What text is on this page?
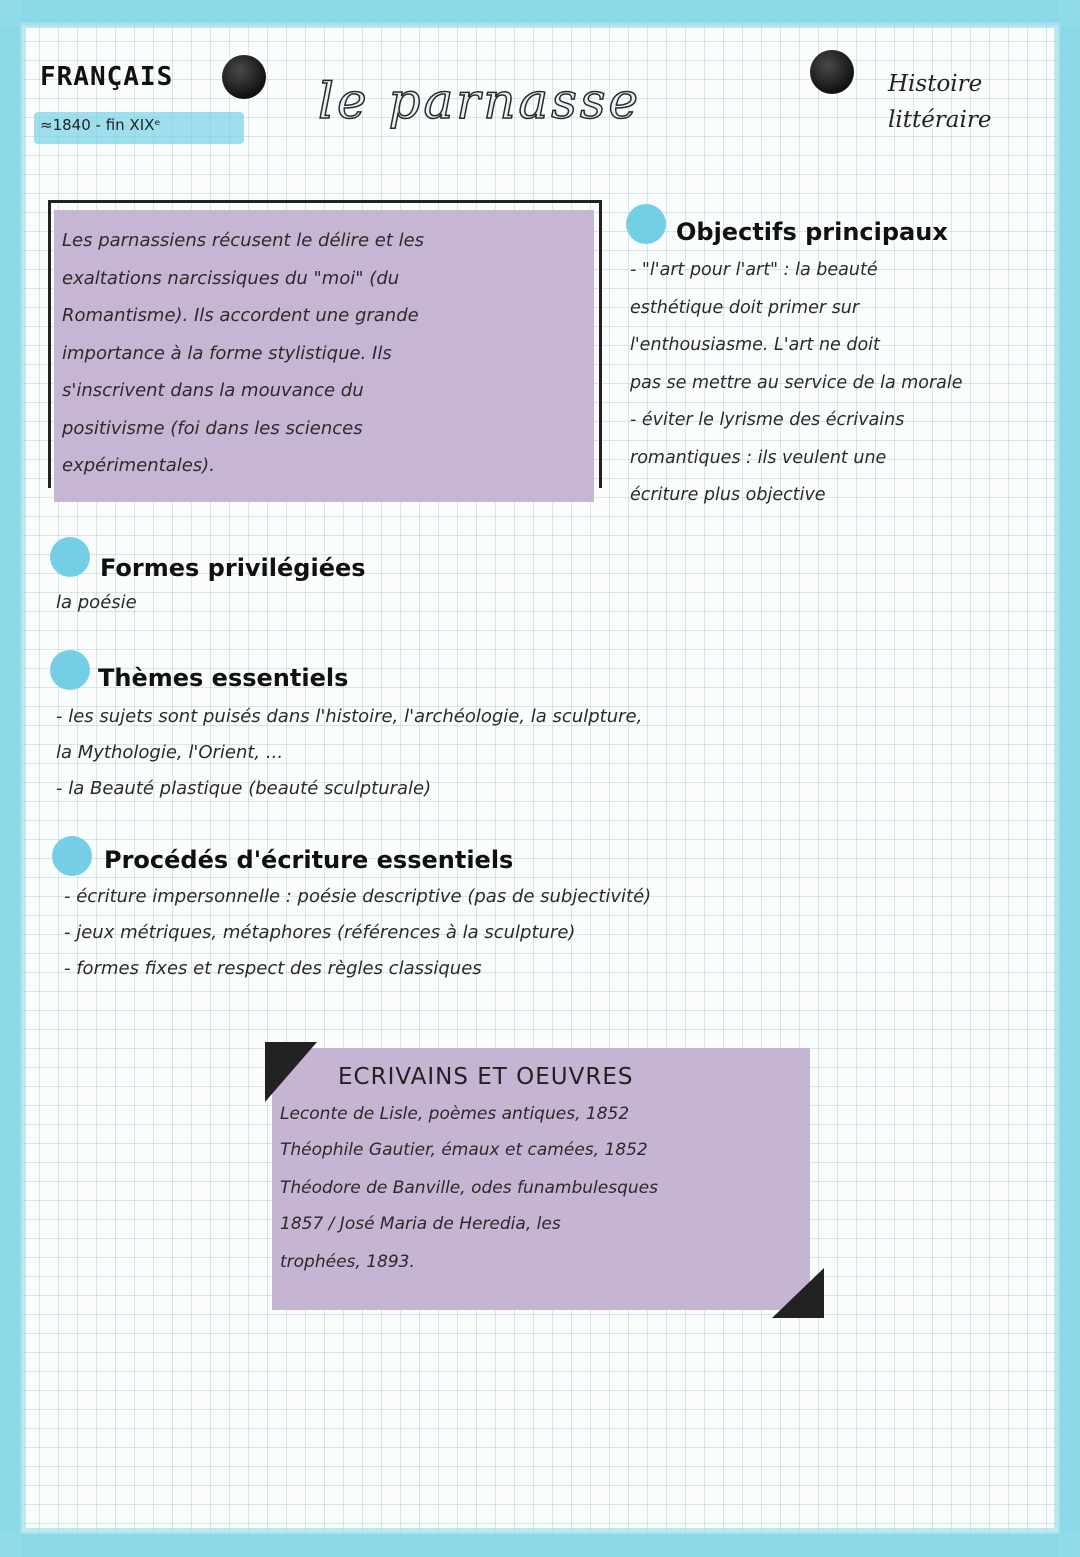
FRANÇAIS
≈1840 - fin XIXᵉ	le parnasse	Histoire
littéraire
Les parnassiens récusent le délire et les
exaltations narcissiques du "moi" (du
Romantisme). Ils accordent une grande
importance à la forme stylistique. Ils
s'inscrivent dans la mouvance du
positivisme (foi dans les sciences
expérimentales).
Objectifs principaux
- "l'art pour l'art" : la beauté
esthétique doit primer sur
l'enthousiasme. L'art ne doit
pas se mettre au service de la morale
- éviter le lyrisme des écrivains
romantiques : ils veulent une
écriture plus objective
Formes privilégiées
la poésie
Thèmes essentiels
- les sujets sont puisés dans l'histoire, l'archéologie, la sculpture,
la Mythologie, l'Orient, ...
- la Beauté plastique (beauté sculpturale)
Procédés d'écriture essentiels
- écriture impersonnelle : poésie descriptive (pas de subjectivité)
- jeux métriques, métaphores (références à la sculpture)
- formes fixes et respect des règles classiques
ECRIVAINS ET OEUVRES
Leconte de Lisle, poèmes antiques, 1852
Théophile Gautier, émaux et camées, 1852
Théodore de Banville, odes funambulesques
1857 / José Maria de Heredia, les
trophées, 1893.
